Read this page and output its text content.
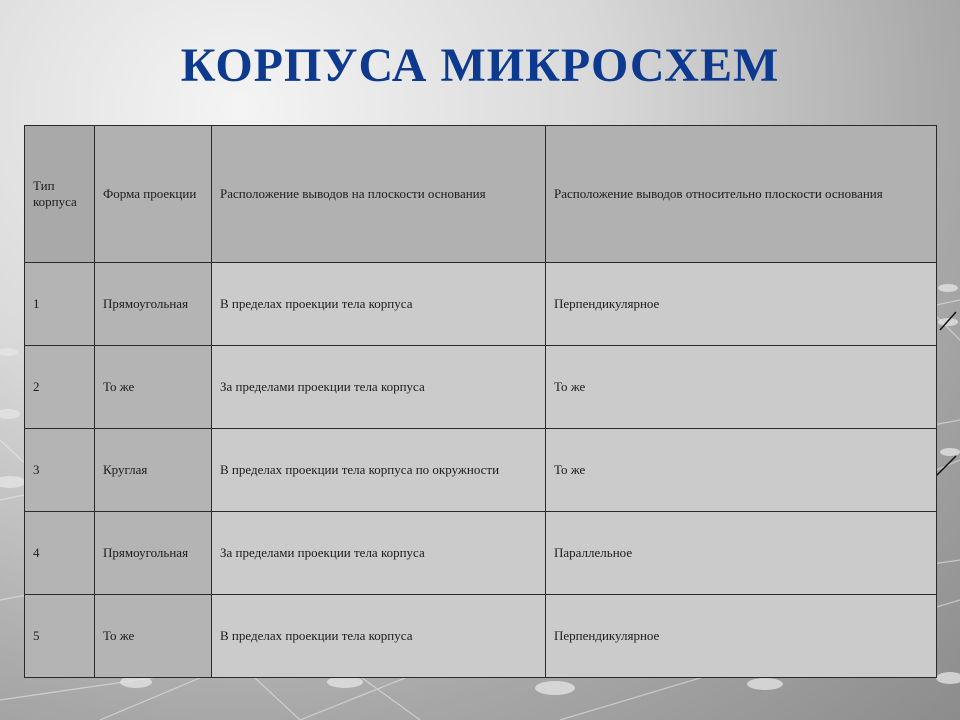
КОРПУСА МИКРОСХЕМ
Тип корпуса	Форма проекции	Расположение выводов на плоскости основания	Расположение выводов относительно плоскости основания
1	Прямоугольная	В пределах проекции тела корпуса	Перпендикулярное
2	То же	За пределами проекции тела корпуса	То же
3	Круглая	В пределах проекции тела корпуса по окружности	То же
4	Прямоугольная	За пределами проекции тела корпуса	Параллельное
5	То же	В пределах проекции тела корпуса	Перпендикулярное
